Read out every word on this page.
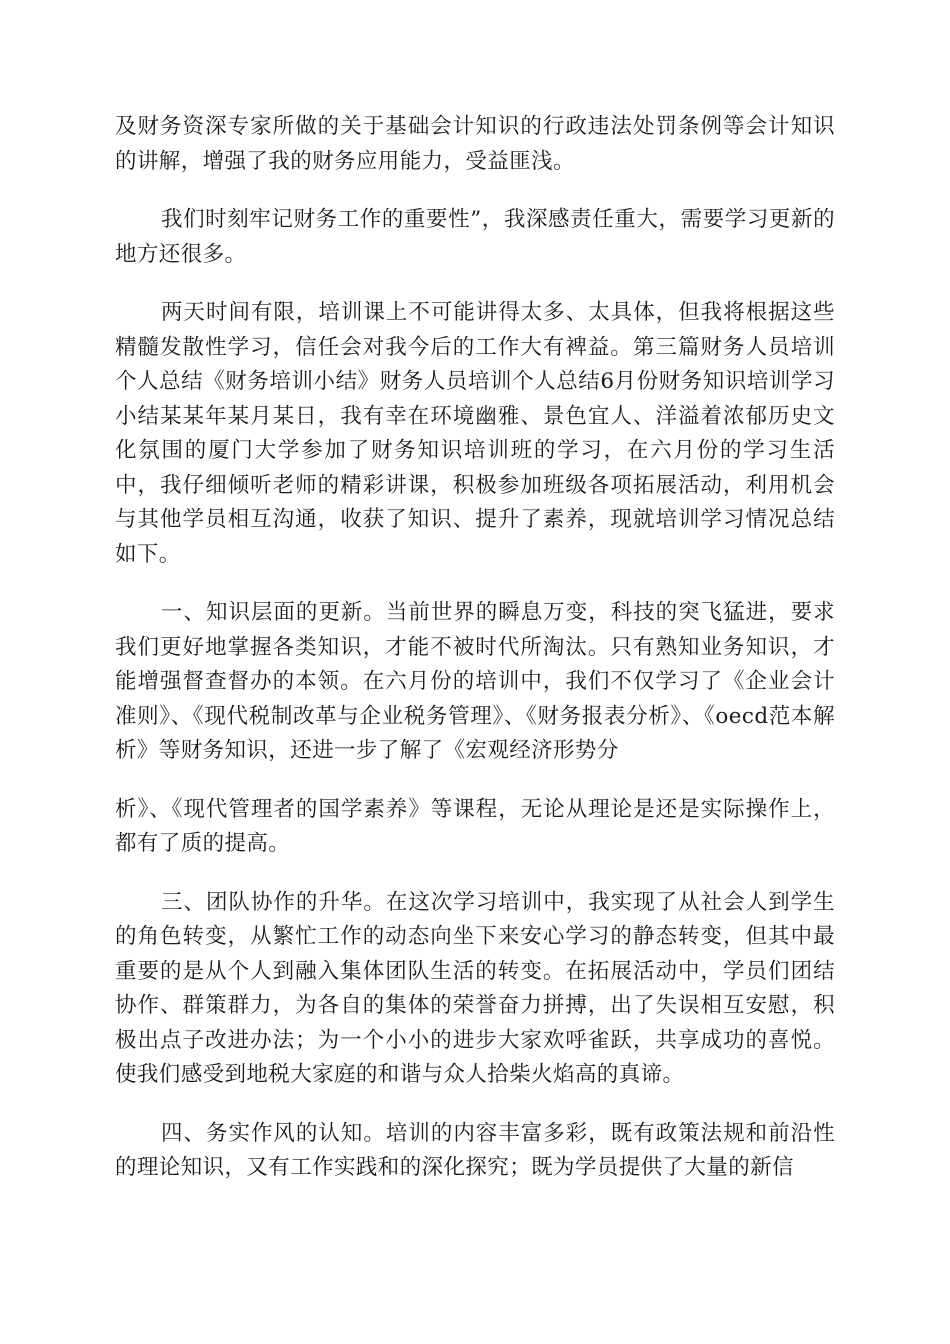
及财务资深专家所做的关于基础会计知识的行政违法处罚条例等会计知识的讲解，增强了我的财务应用能力，受益匪浅。

我们时刻牢记财务工作的重要性”，我深感责任重大，需要学习更新的地方还很多。

两天时间有限，培训课上不可能讲得太多、太具体，但我将根据这些精髓发散性学习，信任会对我今后的工作大有裨益。第三篇财务人员培训个人总结《财务培训小结》财务人员培训个人总结6月份财务知识培训学习小结某某年某月某日，我有幸在环境幽雅、景色宜人、洋溢着浓郁历史文化氛围的厦门大学参加了财务知识培训班的学习，在六月份的学习生活中，我仔细倾听老师的精彩讲课，积极参加班级各项拓展活动，利用机会与其他学员相互沟通，收获了知识、提升了素养，现就培训学习情况总结如下。

一、知识层面的更新。当前世界的瞬息万变，科技的突飞猛进，要求我们更好地掌握各类知识，才能不被时代所淘汰。只有熟知业务知识，才能增强督查督办的本领。在六月份的培训中，我们不仅学习了《企业会计准则》、《现代税制改革与企业税务管理》、《财务报表分析》、《oecd范本解析》等财务知识，还进一步了解了《宏观经济形势分

析》、《现代管理者的国学素养》等课程，无论从理论是还是实际操作上，都有了质的提高。

三、团队协作的升华。在这次学习培训中，我实现了从社会人到学生的角色转变，从繁忙工作的动态向坐下来安心学习的静态转变，但其中最重要的是从个人到融入集体团队生活的转变。在拓展活动中，学员们团结协作、群策群力，为各自的集体的荣誉奋力拼搏，出了失误相互安慰，积极出点子改进办法；为一个小小的进步大家欢呼雀跃，共享成功的喜悦。使我们感受到地税大家庭的和谐与众人拾柴火焰高的真谛。

四、务实作风的认知。培训的内容丰富多彩，既有政策法规和前沿性的理论知识，又有工作实践和的深化探究；既为学员提供了大量的新信
